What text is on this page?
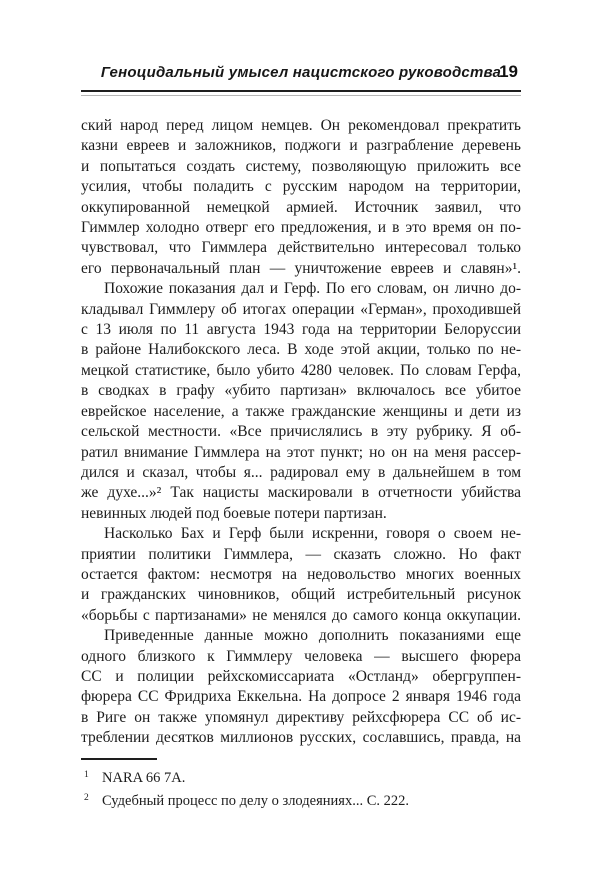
Геноцидальный умысел нацистского руководства
19
ский народ перед лицом немцев. Он рекомендовал прекратить
казни евреев и заложников, поджоги и разграбление деревень
и попытаться создать систему, позволяющую приложить все
усилия, чтобы поладить с русским народом на территории,
оккупированной немецкой армией. Источник заявил, что
Гиммлер холодно отверг его предложения, и в это время он по-
чувствовал, что Гиммлера действительно интересовал только
его первоначальный план — уничтожение евреев и славян»¹.
Похожие показания дал и Герф. По его словам, он лично до-
кладывал Гиммлеру об итогах операции «Герман», проходившей
с 13 июля по 11 августа 1943 года на территории Белоруссии
в районе Налибокского леса. В ходе этой акции, только по не-
мецкой статистике, было убито 4280 человек. По словам Герфа,
в сводках в графу «убито партизан» включалось все убитое
еврейское население, а также гражданские женщины и дети из
сельской местности. «Все причислялись в эту рубрику. Я об-
ратил внимание Гиммлера на этот пункт; но он на меня рассер-
дился и сказал, чтобы я... радировал ему в дальнейшем в том
же духе...»² Так нацисты маскировали в отчетности убийства
невинных людей под боевые потери партизан.
Насколько Бах и Герф были искренни, говоря о своем не-
приятии политики Гиммлера, — сказать сложно. Но факт
остается фактом: несмотря на недовольство многих военных
и гражданских чиновников, общий истребительный рисунок
«борьбы с партизанами» не менялся до самого конца оккупации.
Приведенные данные можно дополнить показаниями еще
одного близкого к Гиммлеру человека — высшего фюрера
СС и полиции рейхскомиссариата «Остланд» обергруппен-
фюрера СС Фридриха Еккельна. На допросе 2 января 1946 года
в Риге он также упомянул директиву рейхсфюрера СС об ис-
треблении десятков миллионов русских, сославшись, правда, на
1 NARA 66 7A.
2 Судебный процесс по делу о злодеяниях... С. 222.
